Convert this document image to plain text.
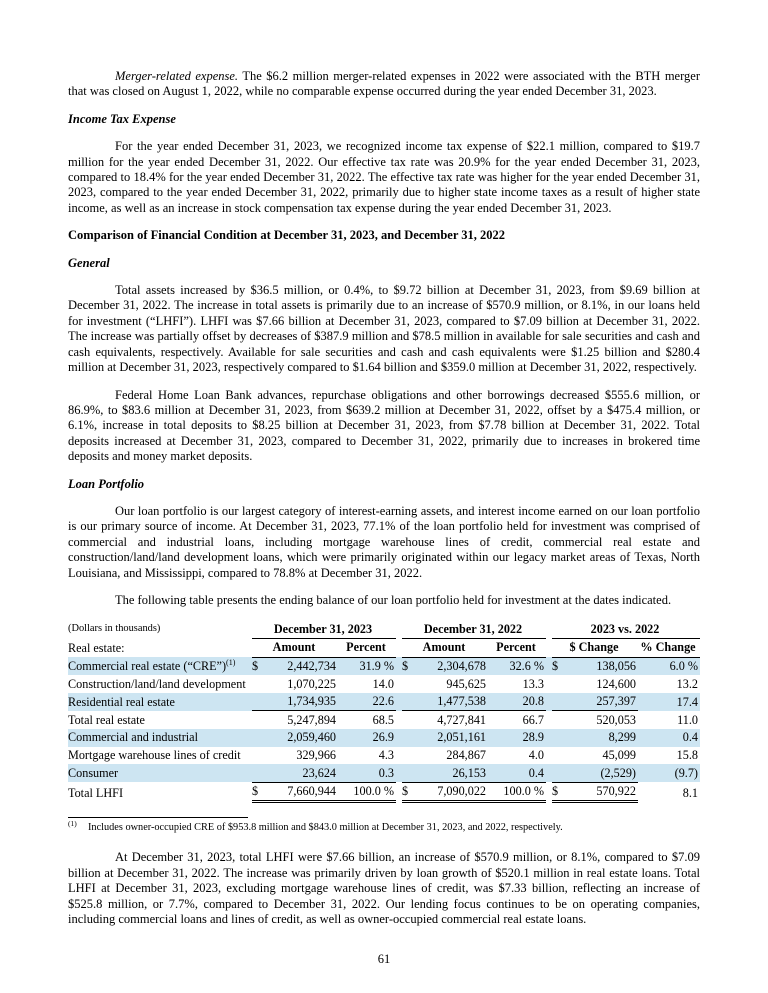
Merger-related expense. The $6.2 million merger-related expenses in 2022 were associated with the BTH merger that was closed on August 1, 2022, while no comparable expense occurred during the year ended December 31, 2023.

Income Tax Expense

For the year ended December 31, 2023, we recognized income tax expense of $22.1 million, compared to $19.7 million for the year ended December 31, 2022. Our effective tax rate was 20.9% for the year ended December 31, 2023, compared to 18.4% for the year ended December 31, 2022. The effective tax rate was higher for the year ended December 31, 2023, compared to the year ended December 31, 2022, primarily due to higher state income taxes as a result of higher state income, as well as an increase in stock compensation tax expense during the year ended December 31, 2023.

Comparison of Financial Condition at December 31, 2023, and December 31, 2022
General

Total assets increased by $36.5 million, or 0.4%, to $9.72 billion at December 31, 2023, from $9.69 billion at December 31, 2022. The increase in total assets is primarily due to an increase of $570.9 million, or 8.1%, in our loans held for investment (“LHFI”). LHFI was $7.66 billion at December 31, 2023, compared to $7.09 billion at December 31, 2022. The increase was partially offset by decreases of $387.9 million and $78.5 million in available for sale securities and cash and cash equivalents, respectively. Available for sale securities and cash and cash equivalents were $1.25 billion and $280.4 million at December 31, 2023, respectively compared to $1.64 billion and $359.0 million at December 31, 2022, respectively.

Federal Home Loan Bank advances, repurchase obligations and other borrowings decreased $555.6 million, or 86.9%, to $83.6 million at December 31, 2023, from $639.2 million at December 31, 2022, offset by a $475.4 million, or 6.1%, increase in total deposits to $8.25 billion at December 31, 2023, from $7.78 billion at December 31, 2022. Total deposits increased at December 31, 2023, compared to December 31, 2022, primarily due to increases in brokered time deposits and money market deposits.

Loan Portfolio

Our loan portfolio is our largest category of interest-earning assets, and interest income earned on our loan portfolio is our primary source of income. At December 31, 2023, 77.1% of the loan portfolio held for investment was comprised of commercial and industrial loans, including mortgage warehouse lines of credit, commercial real estate and construction/land/land development loans, which were primarily originated within our legacy market areas of Texas, North Louisiana, and Mississippi, compared to 78.8% at December 31, 2022.

The following table presents the ending balance of our loan portfolio held for investment at the dates indicated.

(Dollars in thousands)	December 31, 2023				December 31, 2022				2023 vs. 2022		
Real estate:	Amount		Percent		Amount		Percent		$ Change		% Change
Commercial real estate (“CRE”)$^{(1)}$	$	2,442,734	31.9 %		$	2,304,678	32.6 %		$	138,056	6.0 %
Construction/land/land development		1,070,225	14.0			945,625	13.3			124,600	13.2
Residential real estate		1,734,935	22.6			1,477,538	20.8			257,397	17.4
Total real estate		5,247,894	68.5			4,727,841	66.7			520,053	11.0
Commercial and industrial		2,059,460	26.9			2,051,161	28.9			8,299	0.4
Mortgage warehouse lines of credit		329,966	4.3			284,867	4.0			45,099	15.8
Consumer		23,624	0.3			26,153	0.4			(2,529)	(9.7)
Total LHFI	$	7,660,944	100.0 %		$	7,090,022	100.0 %		$	570,922	8.1

$^{(1)}$ Includes owner-occupied CRE of $953.8 million and $843.0 million at December 31, 2023, and 2022, respectively.

At December 31, 2023, total LHFI were $7.66 billion, an increase of $570.9 million, or 8.1%, compared to $7.09 billion at December 31, 2022. The increase was primarily driven by loan growth of $520.1 million in real estate loans. Total LHFI at December 31, 2023, excluding mortgage warehouse lines of credit, was $7.33 billion, reflecting an increase of $525.8 million, or 7.7%, compared to December 31, 2022. Our lending focus continues to be on operating companies, including commercial loans and lines of credit, as well as owner-occupied commercial real estate loans.

61
